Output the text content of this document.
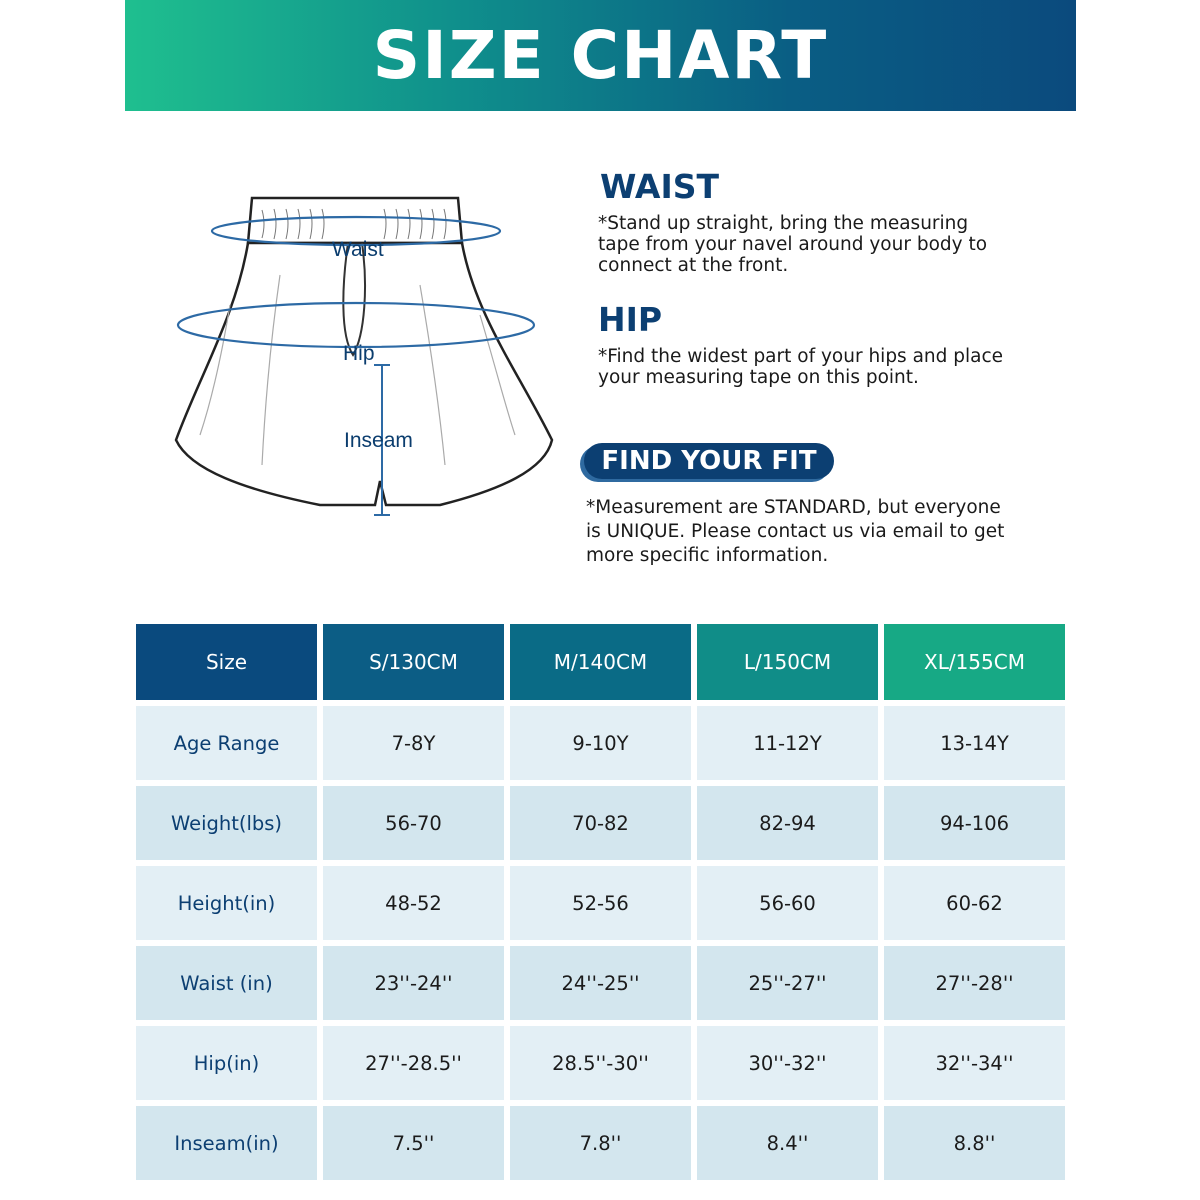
SIZE CHART
Waist
Hip
Inseam
WAIST
*Stand up straight, bring the measuring
tape from your navel around your body to
connect at the front.
HIP
*Find the widest part of your hips and place
your measuring tape on this point.
FIND YOUR FIT
*Measurement are STANDARD, but everyone
is UNIQUE. Please contact us via email to get
more specific information.
Size	S/130CM	M/140CM	L/150CM	XL/155CM
Age Range	7-8Y	9-10Y	11-12Y	13-14Y
Weight(lbs)	56-70	70-82	82-94	94-106
Height(in)	48-52	52-56	56-60	60-62
Waist (in)	23''-24''	24''-25''	25''-27''	27''-28''
Hip(in)	27''-28.5''	28.5''-30''	30''-32''	32''-34''
Inseam(in)	7.5''	7.8''	8.4''	8.8''
